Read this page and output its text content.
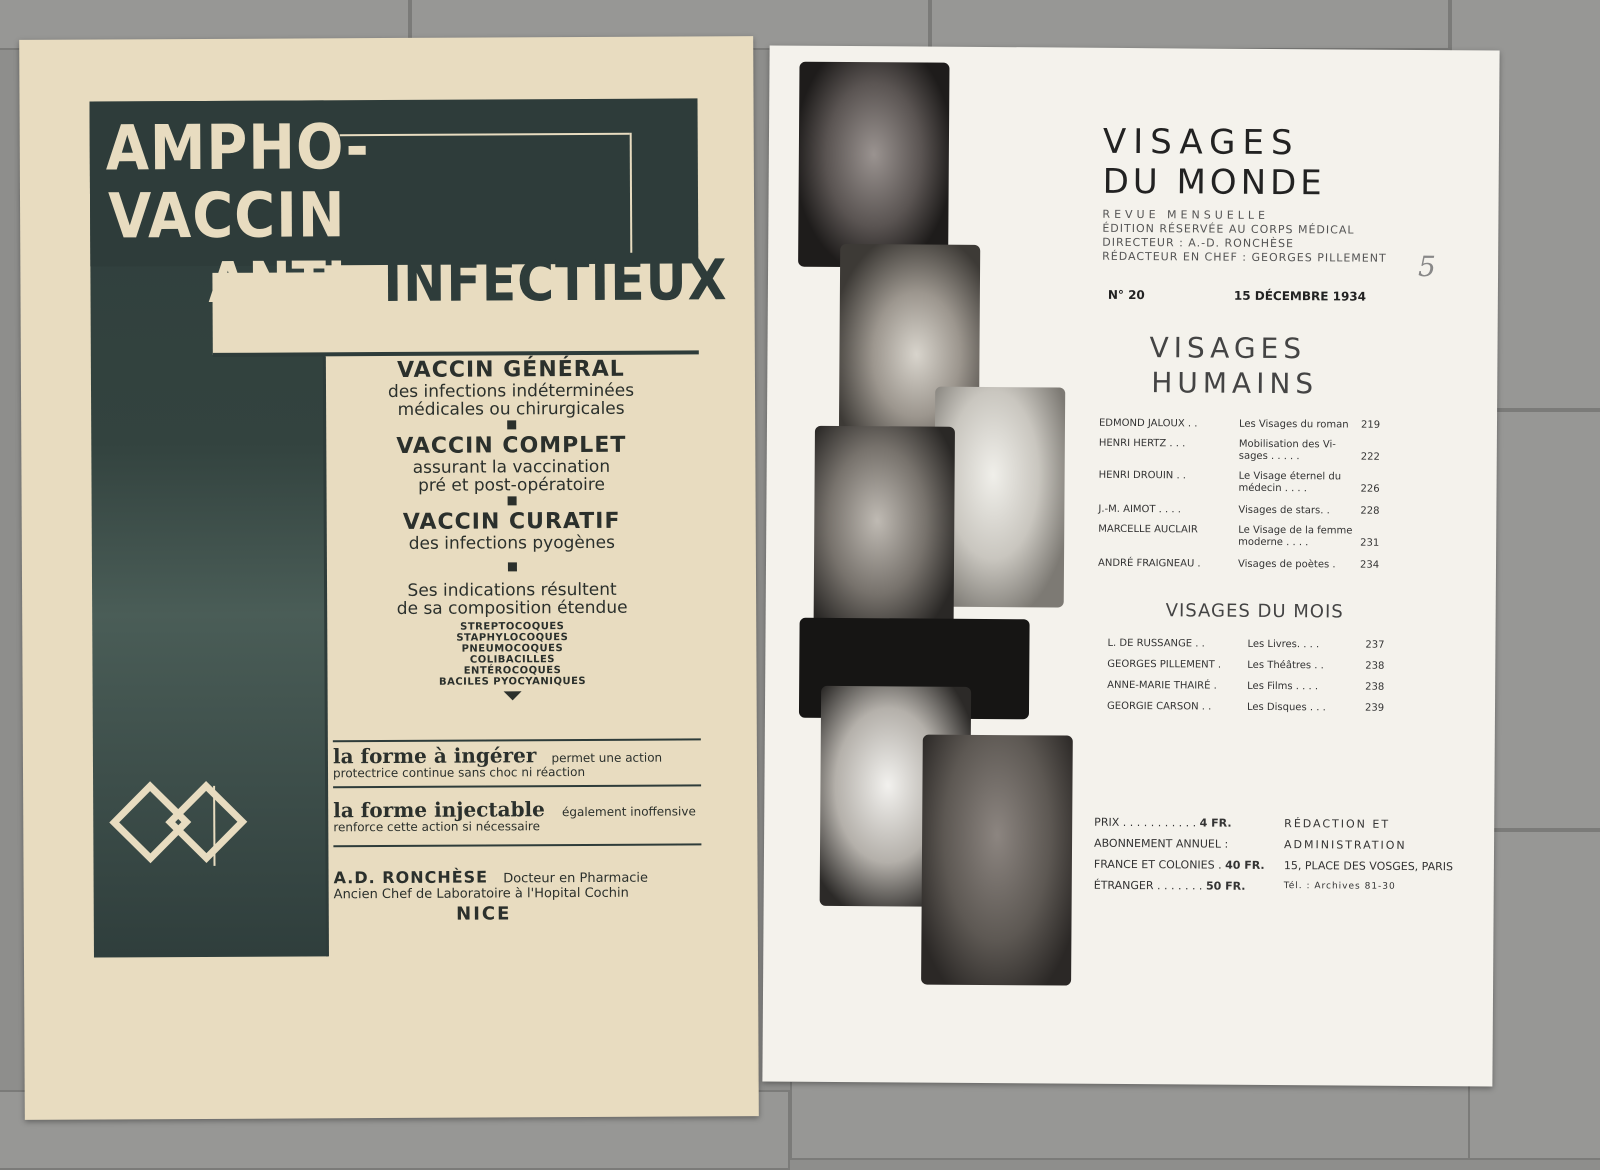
AMPHO-
VACCIN
ANTI- INFECTIEUX
VACCIN GÉNÉRAL
des infections indéterminées
médicales ou chirurgicales
VACCIN COMPLET
assurant la vaccination
pré et post-opératoire
VACCIN CURATIF
des infections pyogènes
Ses indications résultent
de sa composition étendue
STREPTOCOQUES
STAPHYLOCOQUES
PNEUMOCOQUES
COLIBACILLES
ENTÉROCOQUES
BACILES PYOCYANIQUES
la forme à ingérer permet une action
protectrice continue sans choc ni réaction
la forme injectable également inoffensive
renforce cette action si nécessaire
A.D. RONCHÈSE Docteur en Pharmacie
Ancien Chef de Laboratoire à l'Hopital Cochin
NICE
VISAGES
DU MONDE
REVUE MENSUELLE
ÉDITION RÉSERVÉE AU CORPS MÉDICAL
DIRECTEUR : A.-D. RONCHÈSE
RÉDACTEUR EN CHEF : GEORGES PILLEMENT 5
N° 20	15 DÉCEMBRE 1934
VISAGES
HUMAINS
EDMOND JALOUX . .	Les Visages du roman 219
HENRI HERTZ . . .	Mobilisation des Vi-
sages . . . . .	222
HENRI DROUIN . .	Le Visage éternel du
médecin . . . .	226
J.-M. AIMOT . . . .	Visages de stars. .	228
MARCELLE AUCLAIR	Le Visage de la femme
moderne . . . .	231
ANDRÉ FRAIGNEAU .	Visages de poètes . 234
VISAGES DU MOIS
L. DE RUSSANGE . .	Les Livres. . . .	237
GEORGES PILLEMENT .	Les Théâtres . .	238
ANNE-MARIE THAIRÉ .	Les Films . . . .	238
GEORGIE CARSON . .	Les Disques . . .	239
PRIX . . . . . . . . . . . 4 FR.
ABONNEMENT ANNUEL :
FRANCE ET COLONIES . 40 FR.
ÉTRANGER . . . . . . . 50 FR.
RÉDACTION ET
ADMINISTRATION
15, PLACE DES VOSGES, PARIS
Tél. : Archives 81-30
